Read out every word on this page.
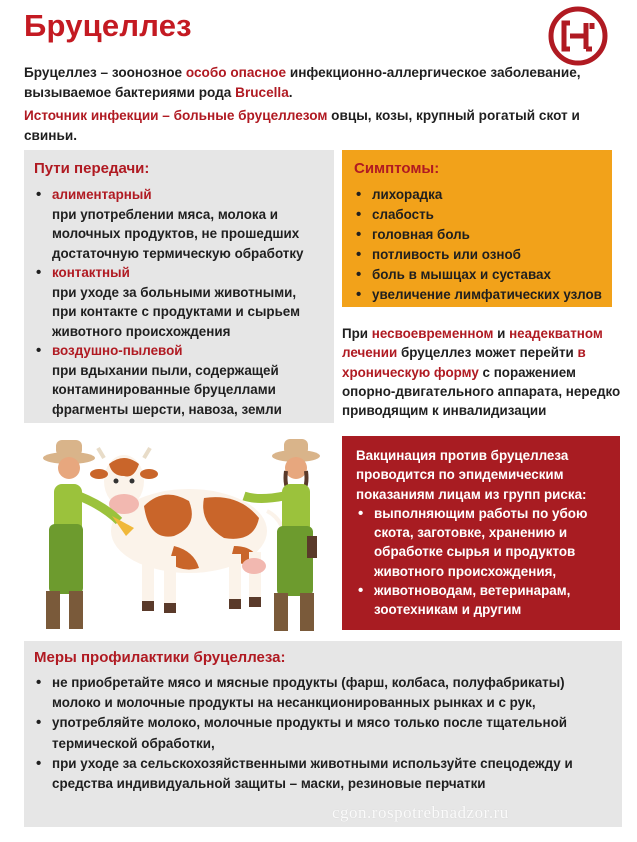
Бруцеллез

Бруцеллез – зоонозное особо опасное инфекционно-аллергическое заболевание, вызываемое бактериями рода Brucella.

Источник инфекции – больные бруцеллезом овцы, козы, крупный рогатый скот и свиньи.

Пути передачи:
• алиментарный
при употреблении мяса, молока и молочных продуктов, не прошедших достаточную термическую обработку
• контактный
при уходе за больными животными, при контакте с продуктами и сырьем животного происхождения
• воздушно-пылевой
при вдыхании пыли, содержащей контаминированные бруцеллами фрагменты шерсти, навоза, земли
Симптомы:
• лихорадка
• слабость
• головная боль
• потливость или озноб
• боль в мышцах и суставах
• увеличение лимфатических узлов
При несвоевременном и неадекватном лечении бруцеллез может перейти в хроническую форму с поражением опорно-двигательного аппарата, нередко приводящим к инвалидизации
Вакцинация против бруцеллеза проводится по эпидемическим показаниям лицам из групп риска:
• выполняющим работы по убою скота, заготовке, хранению и обработке сырья и продуктов животного происхождения,
• животноводам, ветеринарам, зоотехникам и другим
Меры профилактики бруцеллеза:
• не приобретайте мясо и мясные продукты (фарш, колбаса, полуфабрикаты) молоко и молочные продукты на несанкционированных рынках и с рук,
• употребляйте молоко, молочные продукты и мясо только после тщательной термической обработки,
• при уходе за сельскохозяйственными животными используйте спецодежду и средства индивидуальной защиты – маски, резиновые перчатки
cgon.rospotrebnadzor.ru
